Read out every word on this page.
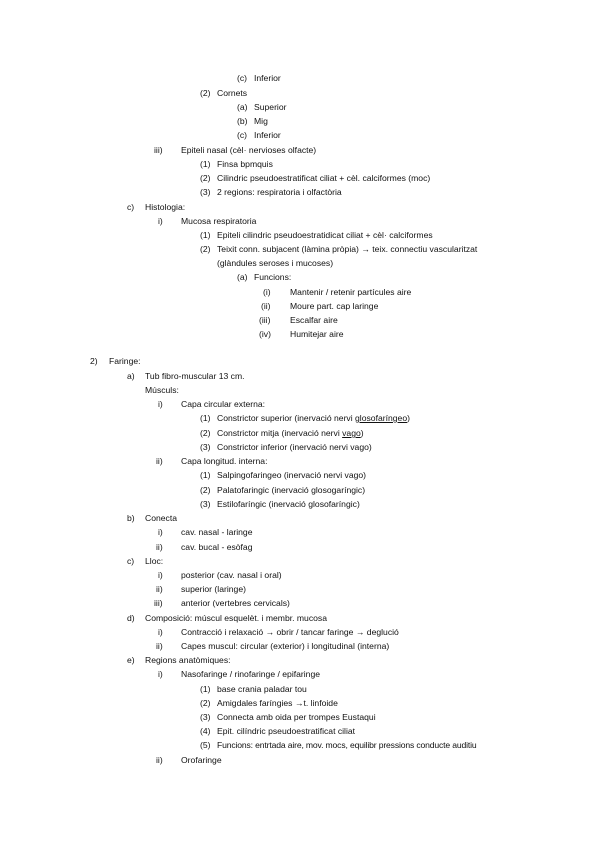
(c) Inferior
(2) Cornets
(a) Superior
(b) Mig
(c) Inferior
iii) Epiteli nasal (cèl· nervioses olfacte)
(1) Finsa bpmquis
(2) Cilindric pseudoestratificat ciliat + cèl. calciformes (moc)
(3) 2 regions: respiratoria i olfactòria
c) Histologia:
i) Mucosa respiratoria
(1) Epiteli cilindric pseudoestratidicat ciliat + cèl· calciformes
(2) Teixit conn. subjacent (làmina pròpia) → teix. connectiu vascularitzat
(glàndules seroses i mucoses)
(a) Funcions:
(i) Mantenir / retenir partícules aire
(ii) Moure part. cap laringe
(iii) Escalfar aire
(iv) Humitejar aire
2) Faringe:
a) Tub fibro-muscular 13 cm.
Músculs:
i) Capa circular externa:
(1) Constrictor superior (inervació nervi glosofaríngeo)
(2) Constrictor mitja (inervació nervi vago)
(3) Constrictor inferior (inervació nervi vago)
ii) Capa longitud. interna:
(1) Salpingofaringeo (inervació nervi vago)
(2) Palatofaringic (inervació glosogaríngic)
(3) Estilofaríngic (inervació glosofaríngic)
b) Conecta
i) cav. nasal - laringe
ii) cav. bucal - esòfag
c) Lloc:
i) posterior (cav. nasal i oral)
ii) superior (laringe)
iii) anterior (vertebres cervicals)
d) Composició: múscul esquelèt. i membr. mucosa
i) Contracció i relaxació → obrir / tancar faringe → deglució
ii) Capes muscul: circular (exterior) i longitudinal (interna)
e) Regions anatòmiques:
i) Nasofaringe / rinofaringe / epifaringe
(1) base crania paladar tou
(2) Amigdales faríngies →t. linfoide
(3) Connecta amb oida per trompes Eustaqui
(4) Epit. cilíndric pseudoestratificat ciliat
(5) Funcions: entrtada aire, mov. mocs, equilibr pressions conducte auditiu
ii) Orofaringe
